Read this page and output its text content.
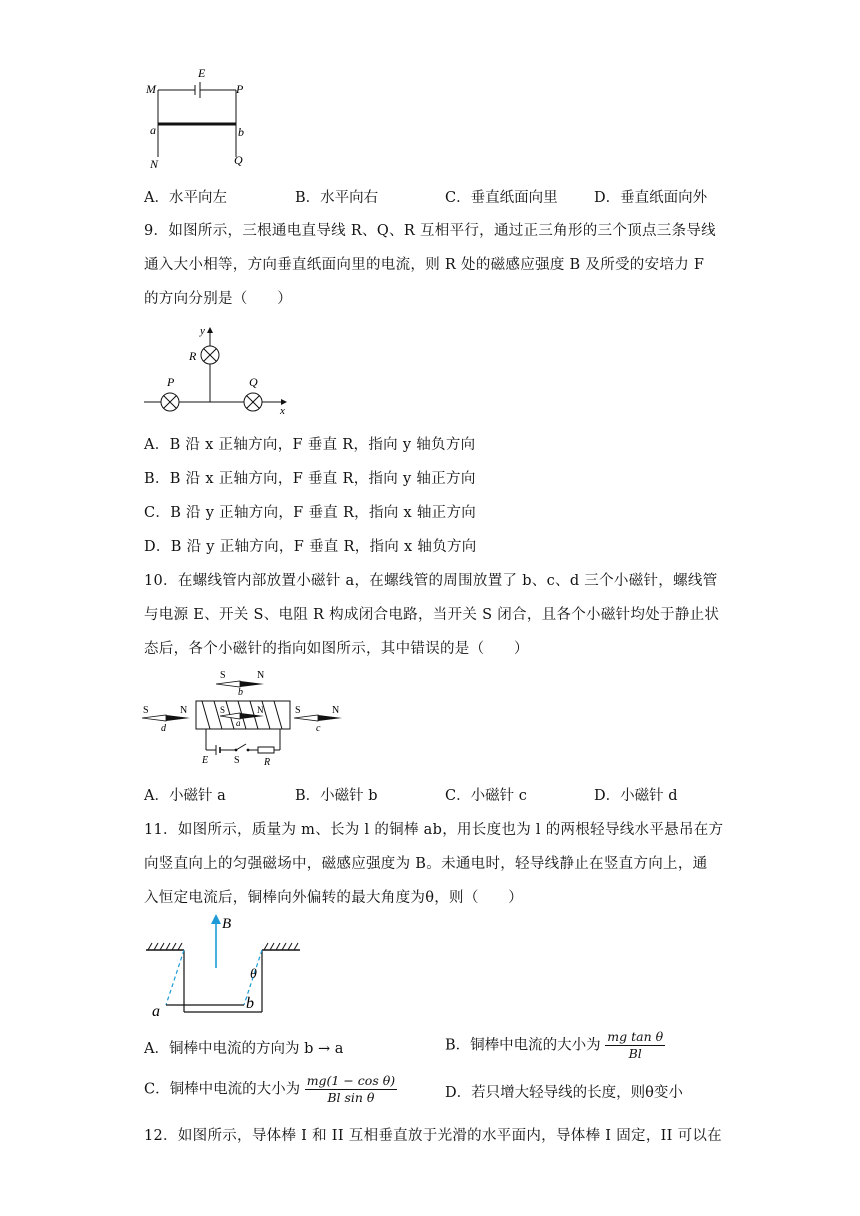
E
M	P
a	b
N	Q
A．水平向左	B．水平向右	C．垂直纸面向里	D．垂直纸面向外
9．如图所示，三根通电直导线 R、Q、R 互相平行，通过正三角形的三个顶点三条导线
通入大小相等，方向垂直纸面向里的电流，则 R 处的磁感应强度 B 及所受的安培力 F
的方向分别是（　　）
x
y
R
P	Q
A．B 沿 x 正轴方向，F 垂直 R，指向 y 轴负方向
B．B 沿 x 正轴方向，F 垂直 R，指向 y 轴正方向
C．B 沿 y 正轴方向，F 垂直 R，指向 x 轴正方向
D．B 沿 y 正轴方向，F 垂直 R，指向 x 轴负方向
10．在螺线管内部放置小磁针 a，在螺线管的周围放置了 b、c、d 三个小磁针，螺线管
与电源 E、开关 S、电阻 R 构成闭合电路，当开关 S 闭合，且各个小磁针均处于静止状
态后，各个小磁针的指向如图所示，其中错误的是（　　）
S	N
b
S	N
a
S	N
d
S	N
c
E	S R
A．小磁针 a	B．小磁针 b	C．小磁针 c	D．小磁针 d
11．如图所示，质量为 m、长为 l 的铜棒 ab，用长度也为 l 的两根轻导线水平悬吊在方
向竖直向上的匀强磁场中，磁感应强度为 B。未通电时，轻导线静止在竖直方向上，通
入恒定电流后，铜棒向外偏转的最大角度为θ，则（　　）
B
θ
a	b
A．铜棒中电流的方向为 b → a	B．铜棒中电流的大小为 $\frac{\text{mg tan θ}}{Bl}$
C．铜棒中电流的大小为 $\frac{\text{mg(1 − cos θ)}}{\text{Bl sin θ}}$	D．若只增大轻导线的长度，则θ变小
12．如图所示，导体棒 I 和 II 互相垂直放于光滑的水平面内，导体棒 I 固定，II 可以在
